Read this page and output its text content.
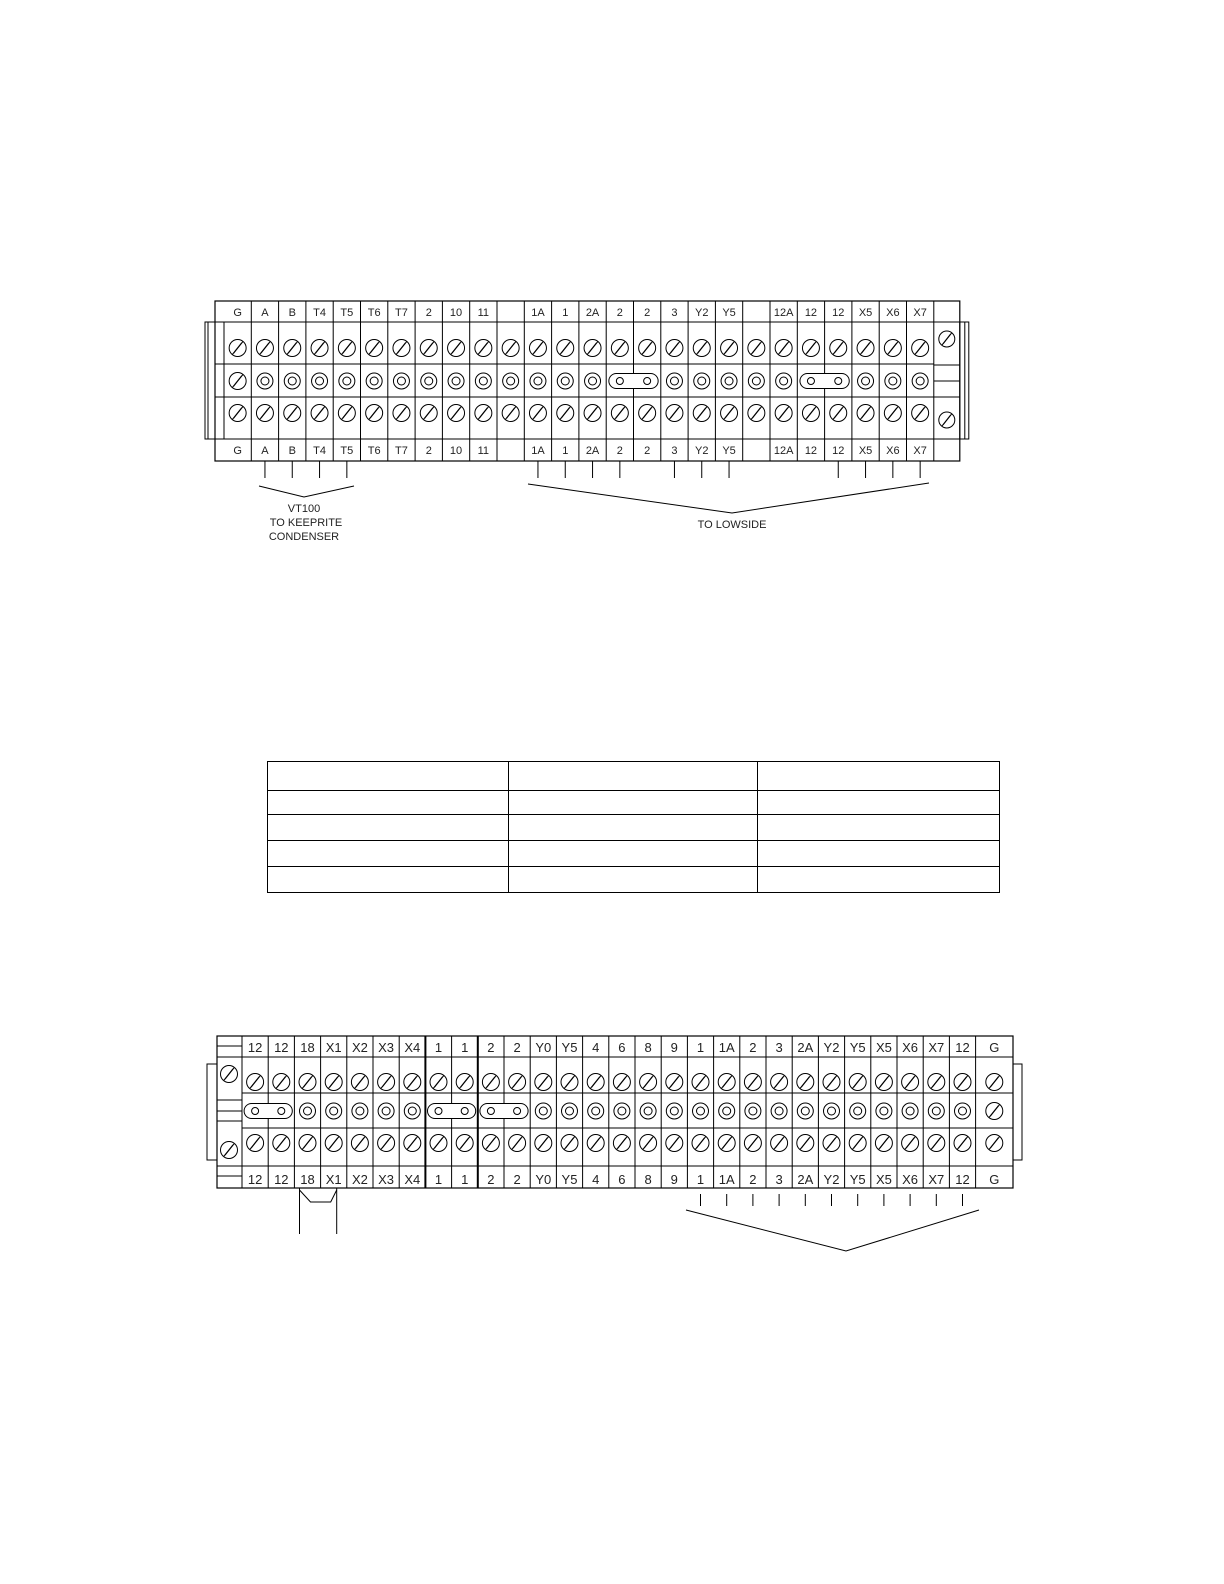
G
G
A
A
B
B
T4
T4
T5
T5
T6
T6
T7
T7
2
2
10
10
11
11
1A
1A
1
1
2A
2A
2
2
2
2
3
3
Y2
Y2
Y5
Y5
12A
12A
12
12
12
12
X5
X5
X6
X6
X7
X7
VT100
TO KEEPRITE
CONDENSER
TO LOWSIDE
12
12
12
12
18
18
X1
X1
X2
X2
X3
X3
X4
X4
1
1
1
1
2
2
2
2
Y0
Y0
Y5
Y5
4
4
6
6
8
8
9
9
1
1
1A
1A
2
2
3
3
2A
2A
Y2
Y2
Y5
Y5
X5
X5
X6
X6
X7
X7
12
12
G
G
